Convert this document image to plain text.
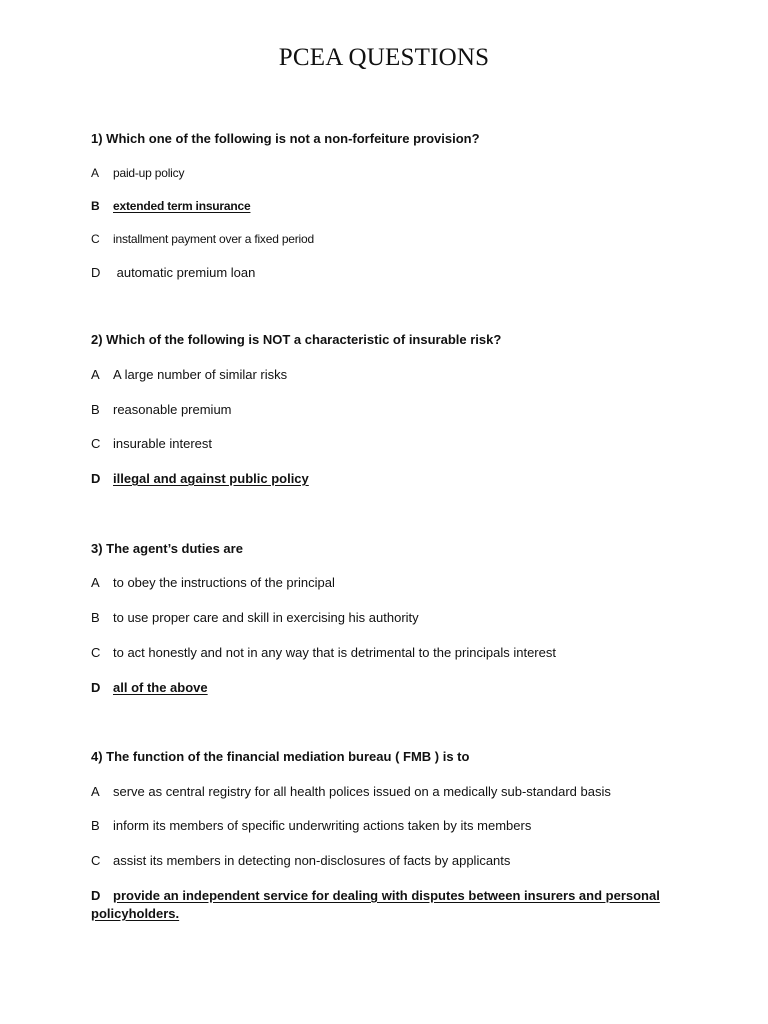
PCEA QUESTIONS
1) Which one of the following is not a non-forfeiture provision?
A paid-up policy
B extended term insurance
C installment payment over a fixed period
D automatic premium loan
2) Which of the following is NOT a characteristic of insurable risk?
A A large number of similar risks
B reasonable premium
C insurable interest
D illegal and against public policy
3) The agent’s duties are
A to obey the instructions of the principal
B to use proper care and skill in exercising his authority
C to act honestly and not in any way that is detrimental to the principals interest
D all of the above
4) The function of the financial mediation bureau ( FMB ) is to
A serve as central registry for all health polices issued on a medically sub-standard basis
B inform its members of specific underwriting actions taken by its members
C assist its members in detecting non-disclosures of facts by applicants
D provide an independent service for dealing with disputes between insurers and personal
policyholders.
